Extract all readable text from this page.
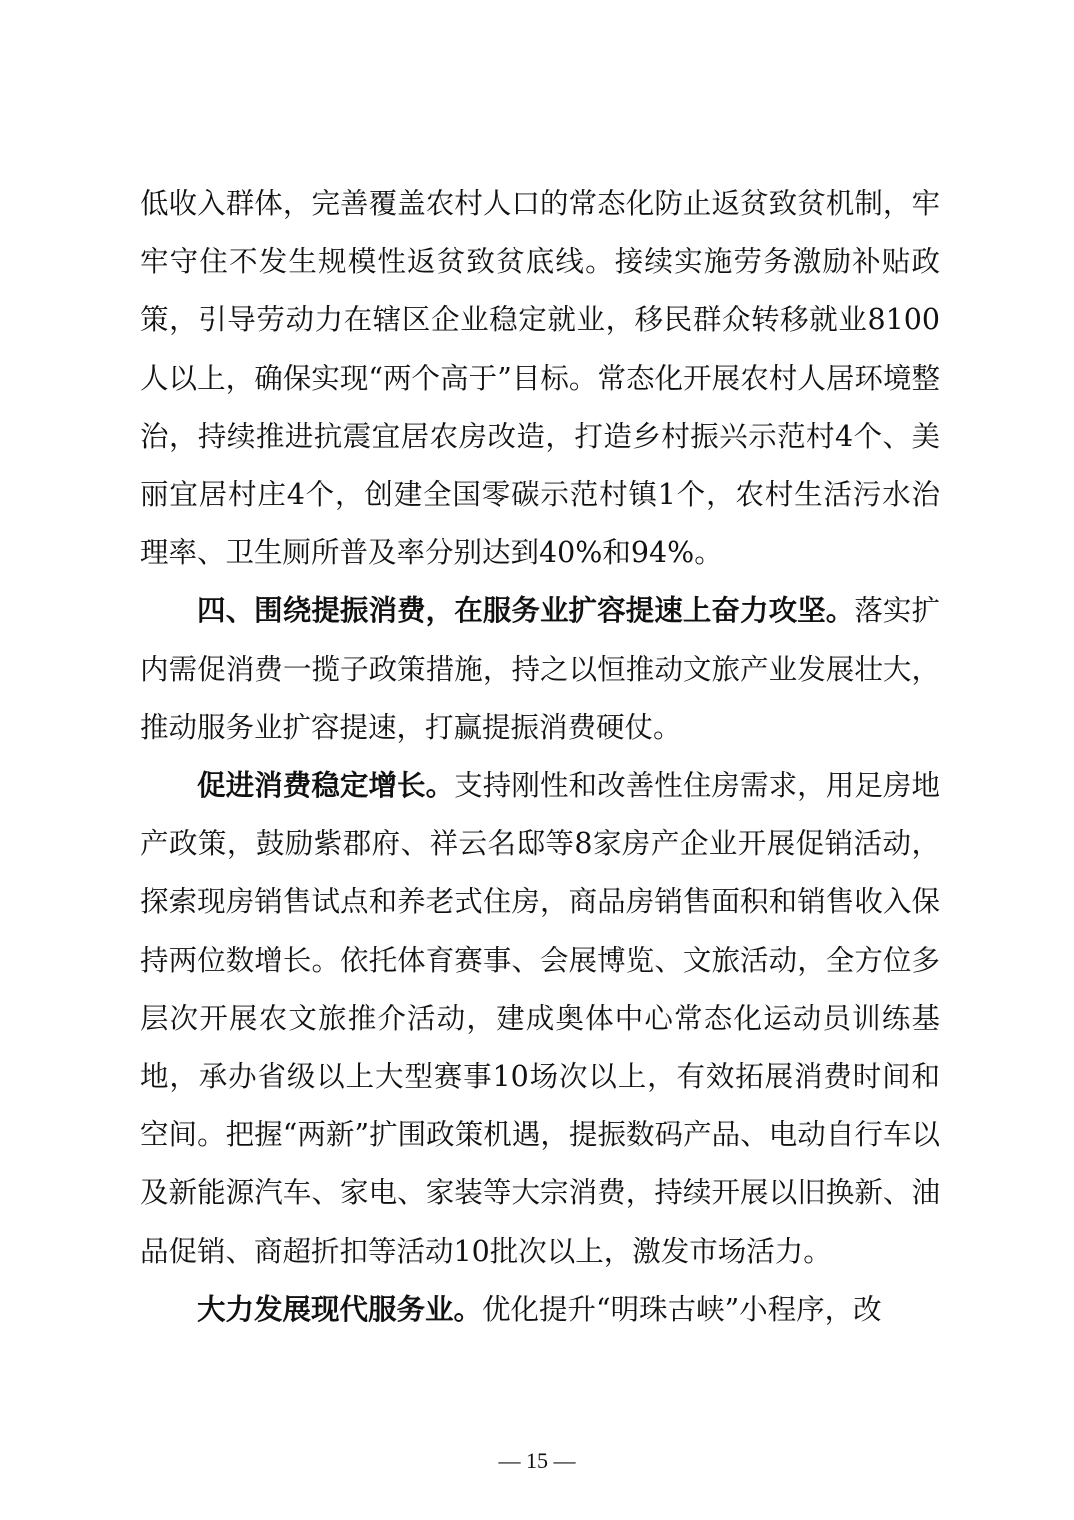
低收入群体，完善覆盖农村人口的常态化防止返贫致贫机制，牢牢守住不发生规模性返贫致贫底线。接续实施劳务激励补贴政策，引导劳动力在辖区企业稳定就业，移民群众转移就业8100人以上，确保实现“两个高于”目标。常态化开展农村人居环境整治，持续推进抗震宜居农房改造，打造乡村振兴示范村4个、美丽宜居村庄4个，创建全国零碳示范村镇1个，农村生活污水治理率、卫生厕所普及率分别达到40%和94%。

四、围绕提振消费，在服务业扩容提速上奋力攻坚。落实扩内需促消费一揽子政策措施，持之以恒推动文旅产业发展壮大，推动服务业扩容提速，打赢提振消费硬仗。

促进消费稳定增长。支持刚性和改善性住房需求，用足房地产政策，鼓励紫郡府、祥云名邸等8家房产企业开展促销活动，探索现房销售试点和养老式住房，商品房销售面积和销售收入保持两位数增长。依托体育赛事、会展博览、文旅活动，全方位多层次开展农文旅推介活动，建成奥体中心常态化运动员训练基地，承办省级以上大型赛事10场次以上，有效拓展消费时间和空间。把握“两新”扩围政策机遇，提振数码产品、电动自行车以及新能源汽车、家电、家装等大宗消费，持续开展以旧换新、油品促销、商超折扣等活动10批次以上，激发市场活力。

大力发展现代服务业。优化提升“明珠古峡”小程序，改

— 15 —
